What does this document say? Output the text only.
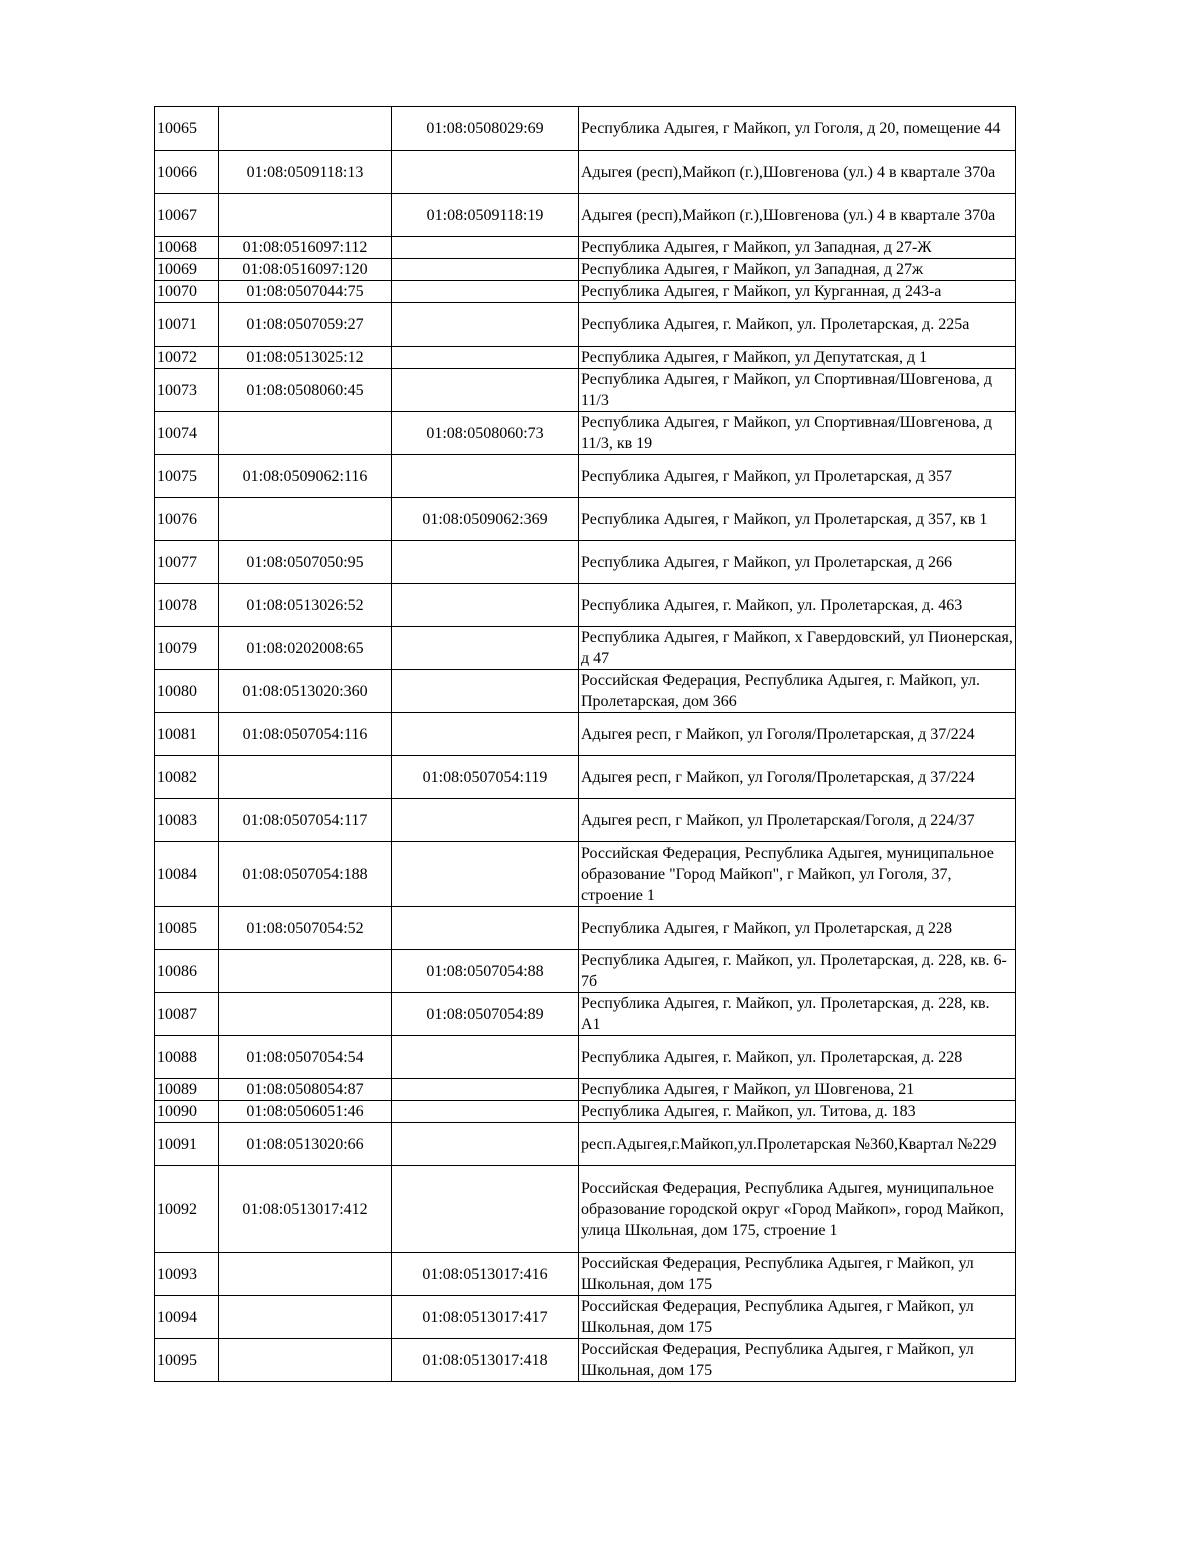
10065		01:08:0508029:69	Республика Адыгея, г Майкоп, ул Гоголя, д 20, помещение 44
10066	01:08:0509118:13		Адыгея (респ),Майкоп (г.),Шовгенова (ул.) 4 в квартале 370а
10067		01:08:0509118:19	Адыгея (респ),Майкоп (г.),Шовгенова (ул.) 4 в квартале 370а
10068	01:08:0516097:112		Республика Адыгея, г Майкоп, ул Западная, д 27-Ж
10069	01:08:0516097:120		Республика Адыгея, г Майкоп, ул Западная, д 27ж
10070	01:08:0507044:75		Республика Адыгея, г Майкоп, ул Курганная, д 243-а
10071	01:08:0507059:27		Республика Адыгея, г. Майкоп, ул. Пролетарская, д. 225а
10072	01:08:0513025:12		Республика Адыгея, г Майкоп, ул Депутатская, д 1
10073	01:08:0508060:45		Республика Адыгея, г Майкоп, ул Спортивная/Шовгенова, д 11/3
10074		01:08:0508060:73	Республика Адыгея, г Майкоп, ул Спортивная/Шовгенова, д 11/3, кв 19
10075	01:08:0509062:116		Республика Адыгея, г Майкоп, ул Пролетарская, д 357
10076		01:08:0509062:369	Республика Адыгея, г Майкоп, ул Пролетарская, д 357, кв 1
10077	01:08:0507050:95		Республика Адыгея, г Майкоп, ул Пролетарская, д 266
10078	01:08:0513026:52		Республика Адыгея, г. Майкоп, ул. Пролетарская, д. 463
10079	01:08:0202008:65		Республика Адыгея, г Майкоп, х Гавердовский, ул Пионерская, д 47
10080	01:08:0513020:360		Российская Федерация, Республика Адыгея, г. Майкоп, ул. Пролетарская, дом 366
10081	01:08:0507054:116		Адыгея респ, г Майкоп, ул Гоголя/Пролетарская, д 37/224
10082		01:08:0507054:119	Адыгея респ, г Майкоп, ул Гоголя/Пролетарская, д 37/224
10083	01:08:0507054:117		Адыгея респ, г Майкоп, ул Пролетарская/Гоголя, д 224/37
10084	01:08:0507054:188		Российская Федерация, Республика Адыгея, муниципальное образование "Город Майкоп", г Майкоп, ул Гоголя, 37, строение 1
10085	01:08:0507054:52		Республика Адыгея, г Майкоп, ул Пролетарская, д 228
10086		01:08:0507054:88	Республика Адыгея, г. Майкоп, ул. Пролетарская, д. 228, кв. 6-7б
10087		01:08:0507054:89	Республика Адыгея, г. Майкоп, ул. Пролетарская, д. 228, кв. А1
10088	01:08:0507054:54		Республика Адыгея, г. Майкоп, ул. Пролетарская, д. 228
10089	01:08:0508054:87		Республика Адыгея, г Майкоп, ул Шовгенова, 21
10090	01:08:0506051:46		Республика Адыгея, г. Майкоп, ул. Титова, д. 183
10091	01:08:0513020:66		респ.Адыгея,г.Майкоп,ул.Пролетарская №360,Квартал №229
10092	01:08:0513017:412		Российская Федерация, Республика Адыгея, муниципальное образование городской округ «Город Майкоп», город Майкоп, улица Школьная, дом 175, строение 1
10093		01:08:0513017:416	Российская Федерация, Республика Адыгея, г Майкоп, ул Школьная, дом 175
10094		01:08:0513017:417	Российская Федерация, Республика Адыгея, г Майкоп, ул Школьная, дом 175
10095		01:08:0513017:418	Российская Федерация, Республика Адыгея, г Майкоп, ул Школьная, дом 175
